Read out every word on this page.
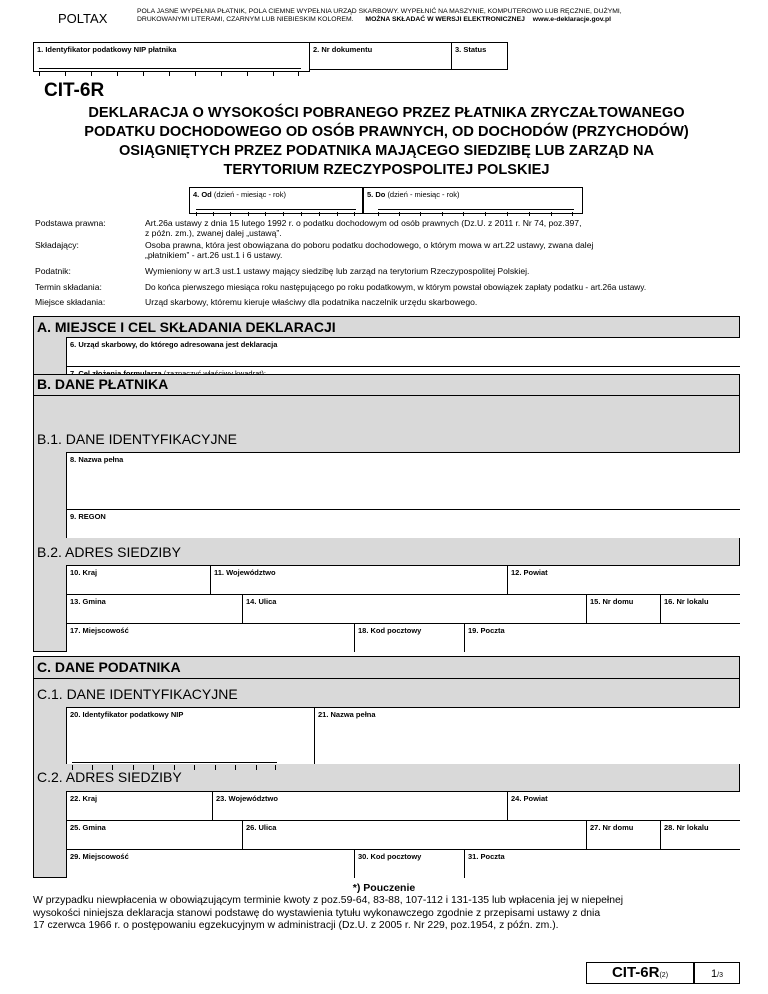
POLTAX	POLA JASNE WYPEŁNIA PŁATNIK, POLA CIEMNE WYPEŁNIA URZĄD SKARBOWY. WYPEŁNIĆ NA MASZYNIE, KOMPUTEROWO LUB RĘCZNIE, DUŻYMI,
DRUKOWANYMI LITERAMI, CZARNYM LUB NIEBIESKIM KOLOREM. MOŻNA SKŁADAĆ W WERSJI ELEKTRONICZNEJ www.e-deklaracje.gov.pl
1. Identyfikator podatkowy NIP płatnika	2. Nr dokumentu	3. Status
CIT-6R
DEKLARACJA O WYSOKOŚCI POBRANEGO PRZEZ PŁATNIKA ZRYCZAŁTOWANEGO
PODATKU DOCHODOWEGO OD OSÓB PRAWNYCH, OD DOCHODÓW (PRZYCHODÓW)
OSIĄGNIĘTYCH PRZEZ PODATNIKA MAJĄCEGO SIEDZIBĘ LUB ZARZĄD NA
TERYTORIUM RZECZYPOSPOLITEJ POLSKIEJ
4. Od (dzień - miesiąc - rok)	5. Do (dzień - miesiąc - rok)
Podstawa prawna:	Art.26a ustawy z dnia 15 lutego 1992 r. o podatku dochodowym od osób prawnych (Dz.U. z 2011 r. Nr 74, poz.397,
z późn. zm.), zwanej dalej „ustawą”.
Składający:	Osoba prawna, która jest obowiązana do poboru podatku dochodowego, o którym mowa w art.22 ustawy, zwana dalej
„płatnikiem” - art.26 ust.1 i 6 ustawy.
Podatnik:	Wymieniony w art.3 ust.1 ustawy mający siedzibę lub zarząd na terytorium Rzeczypospolitej Polskiej.
Termin składania:	Do końca pierwszego miesiąca roku następującego po roku podatkowym, w którym powstał obowiązek zapłaty podatku - art.26a ustawy.
Miejsce składania:	Urząd skarbowy, któremu kieruje właściwy dla podatnika naczelnik urzędu skarbowego.
A. MIEJSCE I CEL SKŁADANIA DEKLARACJI
6. Urząd skarbowy, do którego adresowana jest deklaracja
B. DANE PŁATNIKA
B.1. DANE IDENTYFIKACYJNE
8. Nazwa pełna
9. REGON
B.2. ADRES SIEDZIBY
10. Kraj	11. Województwo	12. Powiat
13. Gmina	14. Ulica	15. Nr domu	16. Nr lokalu
17. Miejscowość	18. Kod pocztowy	19. Poczta
C. DANE PODATNIKA
C.1. DANE IDENTYFIKACYJNE
20. Identyfikator podatkowy NIP	21. Nazwa pełna
C.2. ADRES SIEDZIBY
22. Kraj	23. Województwo	24. Powiat
25. Gmina	26. Ulica	27. Nr domu	28. Nr lokalu
29. Miejscowość	30. Kod pocztowy	31. Poczta
*) Pouczenie
W przypadku niewpłacenia w obowiązującym terminie kwoty z poz.59-64, 83-88, 107-112 i 131-135 lub wpłacenia jej w niepełnej
wysokości niniejsza deklaracja stanowi podstawę do wystawienia tytułu wykonawczego zgodnie z przepisami ustawy z dnia
17 czerwca 1966 r. o postępowaniu egzekucyjnym w administracji (Dz.U. z 2005 r. Nr 229, poz.1954, z późn. zm.).
CIT-6R(2)	1/3
